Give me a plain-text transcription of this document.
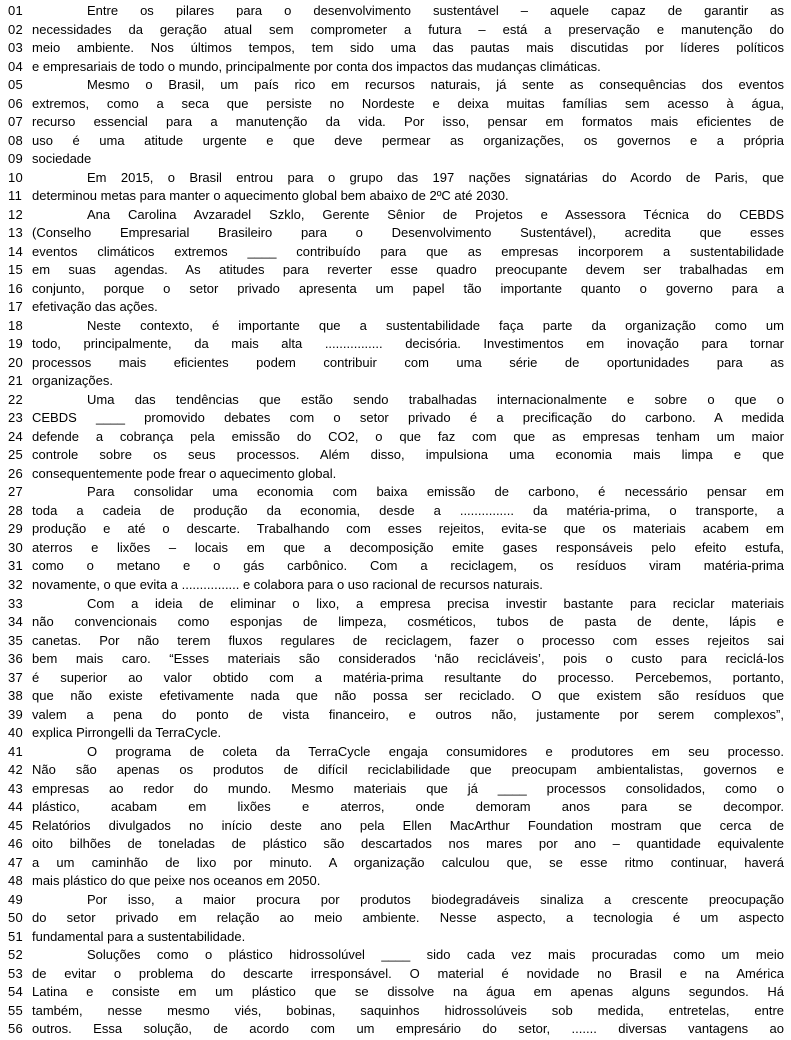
01	Entre os pilares para o desenvolvimento sustentável – aquele capaz de garantir as
02 necessidades da geração atual sem comprometer a futura – está a preservação e manutenção do
03 meio ambiente. Nos últimos tempos, tem sido uma das pautas mais discutidas por líderes políticos
04 e empresariais de todo o mundo, principalmente por conta dos impactos das mudanças climáticas.
05	Mesmo o Brasil, um país rico em recursos naturais, já sente as consequências dos eventos
06 extremos, como a seca que persiste no Nordeste e deixa muitas famílias sem acesso à água,
07 recurso essencial para a manutenção da vida. Por isso, pensar em formatos mais eficientes de
08 uso é uma atitude urgente e que deve permear as organizações, os governos e a própria
09 sociedade
10	Em 2015, o Brasil entrou para o grupo das 197 nações signatárias do Acordo de Paris, que
11 determinou metas para manter o aquecimento global bem abaixo de 2ºC até 2030.
12	Ana Carolina Avzaradel Szklo, Gerente Sênior de Projetos e Assessora Técnica do CEBDS
13 (Conselho Empresarial Brasileiro para o Desenvolvimento Sustentável), acredita que esses
14 eventos climáticos extremos ____ contribuído para que as empresas incorporem a sustentabilidade
15 em suas agendas. As atitudes para reverter esse quadro preocupante devem ser trabalhadas em
16 conjunto, porque o setor privado apresenta um papel tão importante quanto o governo para a
17 efetivação das ações.
18	Neste contexto, é importante que a sustentabilidade faça parte da organização como um
19 todo, principalmente, da mais alta ................ decisória. Investimentos em inovação para tornar
20 processos mais eficientes podem contribuir com uma série de oportunidades para as
21 organizações.
22	Uma das tendências que estão sendo trabalhadas internacionalmente e sobre o que o
23 CEBDS ____ promovido debates com o setor privado é a precificação do carbono. A medida
24 defende a cobrança pela emissão do CO2, o que faz com que as empresas tenham um maior
25 controle sobre os seus processos. Além disso, impulsiona uma economia mais limpa e que
26 consequentemente pode frear o aquecimento global.
27	Para consolidar uma economia com baixa emissão de carbono, é necessário pensar em
28 toda a cadeia de produção da economia, desde a ............... da matéria-prima, o transporte, a
29 produção e até o descarte. Trabalhando com esses rejeitos, evita-se que os materiais acabem em
30 aterros e lixões – locais em que a decomposição emite gases responsáveis pelo efeito estufa,
31 como o metano e o gás carbônico. Com a reciclagem, os resíduos viram matéria-prima
32 novamente, o que evita a ................ e colabora para o uso racional de recursos naturais.
33	Com a ideia de eliminar o lixo, a empresa precisa investir bastante para reciclar materiais
34 não convencionais como esponjas de limpeza, cosméticos, tubos de pasta de dente, lápis e
35 canetas. Por não terem fluxos regulares de reciclagem, fazer o processo com esses rejeitos sai
36 bem mais caro. “Esses materiais são considerados ‘não recicláveis’, pois o custo para reciclá-los
37 é superior ao valor obtido com a matéria-prima resultante do processo. Percebemos, portanto,
38 que não existe efetivamente nada que não possa ser reciclado. O que existem são resíduos que
39 valem a pena do ponto de vista financeiro, e outros não, justamente por serem complexos”,
40 explica Pirrongelli da TerraCycle.
41	O programa de coleta da TerraCycle engaja consumidores e produtores em seu processo.
42 Não são apenas os produtos de difícil reciclabilidade que preocupam ambientalistas, governos e
43 empresas ao redor do mundo. Mesmo materiais que já ____ processos consolidados, como o
44 plástico, acabam em lixões e aterros, onde demoram anos para se decompor.
45 Relatórios divulgados no início deste ano pela Ellen MacArthur Foundation mostram que cerca de
46 oito bilhões de toneladas de plástico são descartados nos mares por ano – quantidade equivalente
47 a um caminhão de lixo por minuto. A organização calculou que, se esse ritmo continuar, haverá
48 mais plástico do que peixe nos oceanos em 2050.
49	Por isso, a maior procura por produtos biodegradáveis sinaliza a crescente preocupação
50 do setor privado em relação ao meio ambiente. Nesse aspecto, a tecnologia é um aspecto
51 fundamental para a sustentabilidade.
52	Soluções como o plástico hidrossolúvel ____ sido cada vez mais procuradas como um meio
53 de evitar o problema do descarte irresponsável. O material é novidade no Brasil e na América
54 Latina e consiste em um plástico que se dissolve na água em apenas alguns segundos. Há
55 também, nesse mesmo viés, bobinas, saquinhos hidrossolúveis sob medida, entretelas, entre
56 outros. Essa solução, de acordo com um empresário do setor, ....... diversas vantagens ao
